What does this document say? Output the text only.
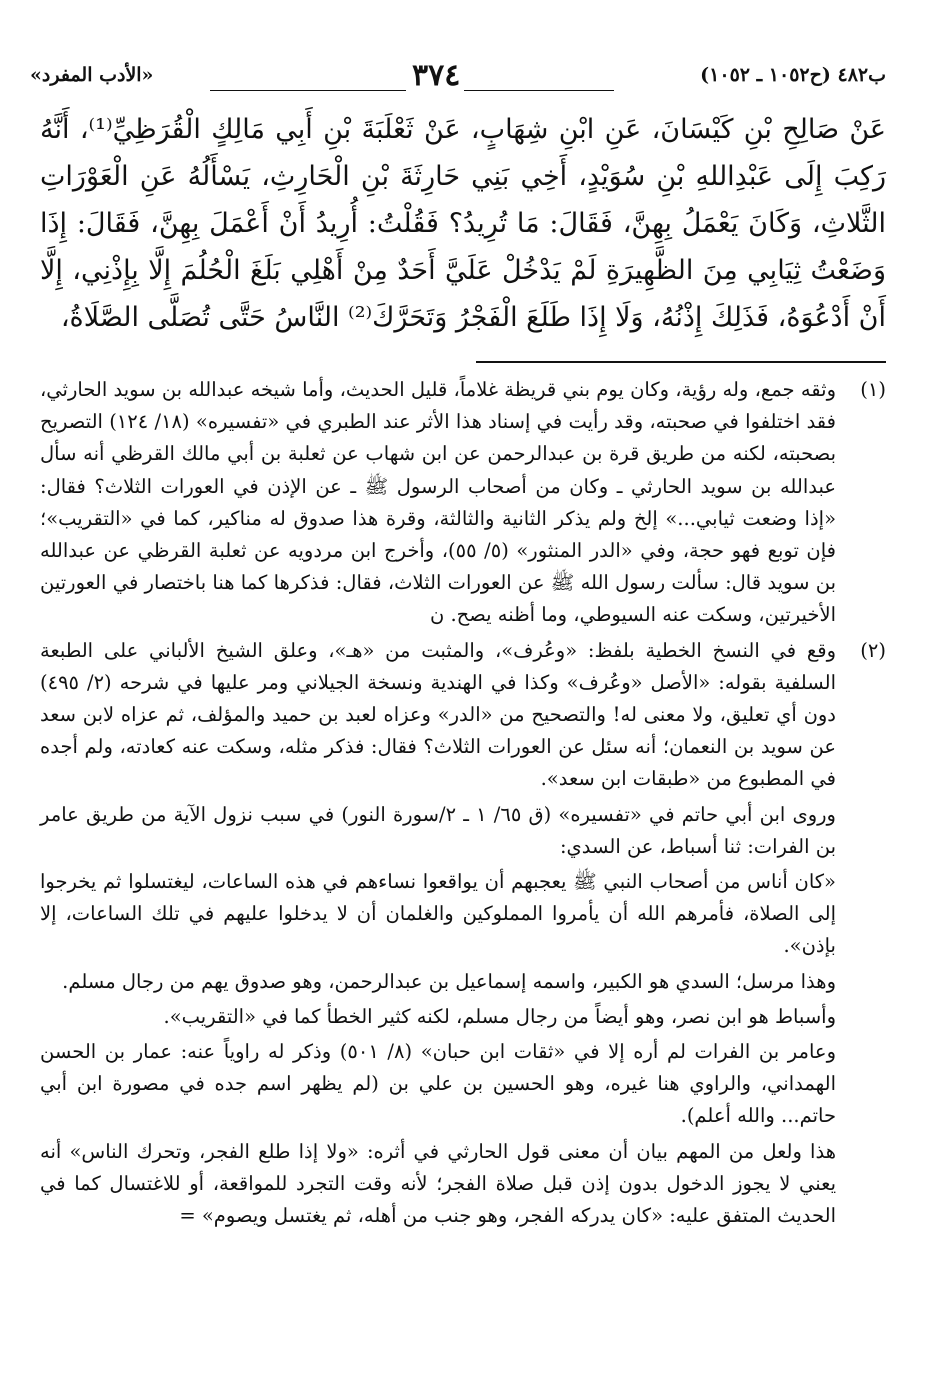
ب٤٨٢ (ح١٠٥٢ ـ ١٠٥٢)
٣٧٤
«الأدب المفرد»

عَنْ صَالِحِ بْنِ كَيْسَانَ، عَنِ ابْنِ شِهَابٍ، عَنْ ثَعْلَبَةَ بْنِ أَبِي مَالِكٍ الْقُرَظِيِّ⁽¹⁾، أَنَّهُ رَكِبَ إِلَى عَبْدِاللهِ بْنِ سُوَيْدٍ، أَخِي بَنِي حَارِثَةَ بْنِ الْحَارِثِ، يَسْأَلُهُ عَنِ الْعَوْرَاتِ الثَّلاثِ، وَكَانَ يَعْمَلُ بِهِنَّ، فَقَالَ: مَا تُرِيدُ؟ فَقُلْتُ: أُرِيدُ أَنْ أَعْمَلَ بِهِنَّ، فَقَالَ: إِذَا وَضَعْتُ ثِيَابِي مِنَ الظَّهِيرَةِ لَمْ يَدْخُلْ عَلَيَّ أَحَدٌ مِنْ أَهْلِي بَلَغَ الْحُلُمَ إِلَّا بِإِذْنِي، إِلَّا أَنْ أَدْعُوَهُ، فَذَلِكَ إِذْنُهُ، وَلَا إِذَا طَلَعَ الْفَجْرُ وَتَحَرَّكَ⁽²⁾ النَّاسُ حَتَّى تُصَلَّى الصَّلَاةُ،

(١)

وثقه جمع، وله رؤية، وكان يوم بني قريظة غلاماً، قليل الحديث، وأما شيخه عبدالله بن سويد الحارثي، فقد اختلفوا في صحبته، وقد رأيت في إسناد هذا الأثر عند الطبري في «تفسيره» (١٨/ ١٢٤) التصريح بصحبته، لكنه من طريق قرة بن عبدالرحمن عن ابن شهاب عن ثعلبة بن أبي مالك القرظي أنه سأل عبدالله بن سويد الحارثي ـ وكان من أصحاب الرسول ﷺ ـ عن الإذن في العورات الثلاث؟ فقال: «إذا وضعت ثيابي...» إلخ ولم يذكر الثانية والثالثة، وقرة هذا صدوق له مناكير، كما في «التقريب»؛ فإن توبع فهو حجة، وفي «الدر المنثور» (٥/ ٥٥)، وأخرج ابن مردويه عن ثعلبة القرظي عن عبدالله بن سويد قال: سألت رسول الله ﷺ عن العورات الثلاث، فقال: فذكرها كما هنا باختصار في العورتين الأخيرتين، وسكت عنه السيوطي، وما أظنه يصح. ن

(٢)

وقع في النسخ الخطية بلفظ: «وعُرف»، والمثبت من «هـ»، وعلق الشيخ الألباني على الطبعة السلفية بقوله: «الأصل «وعُرف» وكذا في الهندية ونسخة الجيلاني ومر عليها في شرحه (٢/ ٤٩٥) دون أي تعليق، ولا معنى له! والتصحيح من «الدر» وعزاه لعبد بن حميد والمؤلف، ثم عزاه لابن سعد عن سويد بن النعمان؛ أنه سئل عن العورات الثلاث؟ فقال: فذكر مثله، وسكت عنه كعادته، ولم أجده في المطبوع من «طبقات ابن سعد».

وروى ابن أبي حاتم في «تفسيره» (ق ٦٥/ ١ ـ ٢/سورة النور) في سبب نزول الآية من طريق عامر بن الفرات: ثنا أسباط، عن السدي:

«كان أناس من أصحاب النبي ﷺ يعجبهم أن يواقعوا نساءهم في هذه الساعات، ليغتسلوا ثم يخرجوا إلى الصلاة، فأمرهم الله أن يأمروا المملوكين والغلمان أن لا يدخلوا عليهم في تلك الساعات، إلا بإذن».

وهذا مرسل؛ السدي هو الكبير، واسمه إسماعيل بن عبدالرحمن، وهو صدوق يهم من رجال مسلم.

وأسباط هو ابن نصر، وهو أيضاً من رجال مسلم، لكنه كثير الخطأ كما في «التقريب».

وعامر بن الفرات لم أره إلا في «ثقات ابن حبان» (٨/ ٥٠١) وذكر له راوياً عنه: عمار بن الحسن الهمداني، والراوي هنا غيره، وهو الحسين بن علي بن (لم يظهر اسم جده في مصورة ابن أبي حاتم... والله أعلم).

هذا ولعل من المهم بيان أن معنى قول الحارثي في أثره: «ولا إذا طلع الفجر، وتحرك الناس» أنه يعني لا يجوز الدخول بدون إذن قبل صلاة الفجر؛ لأنه وقت التجرد للمواقعة، أو للاغتسال كما في الحديث المتفق عليه: «كان يدركه الفجر، وهو جنب من أهله، ثم يغتسل ويصوم» =
